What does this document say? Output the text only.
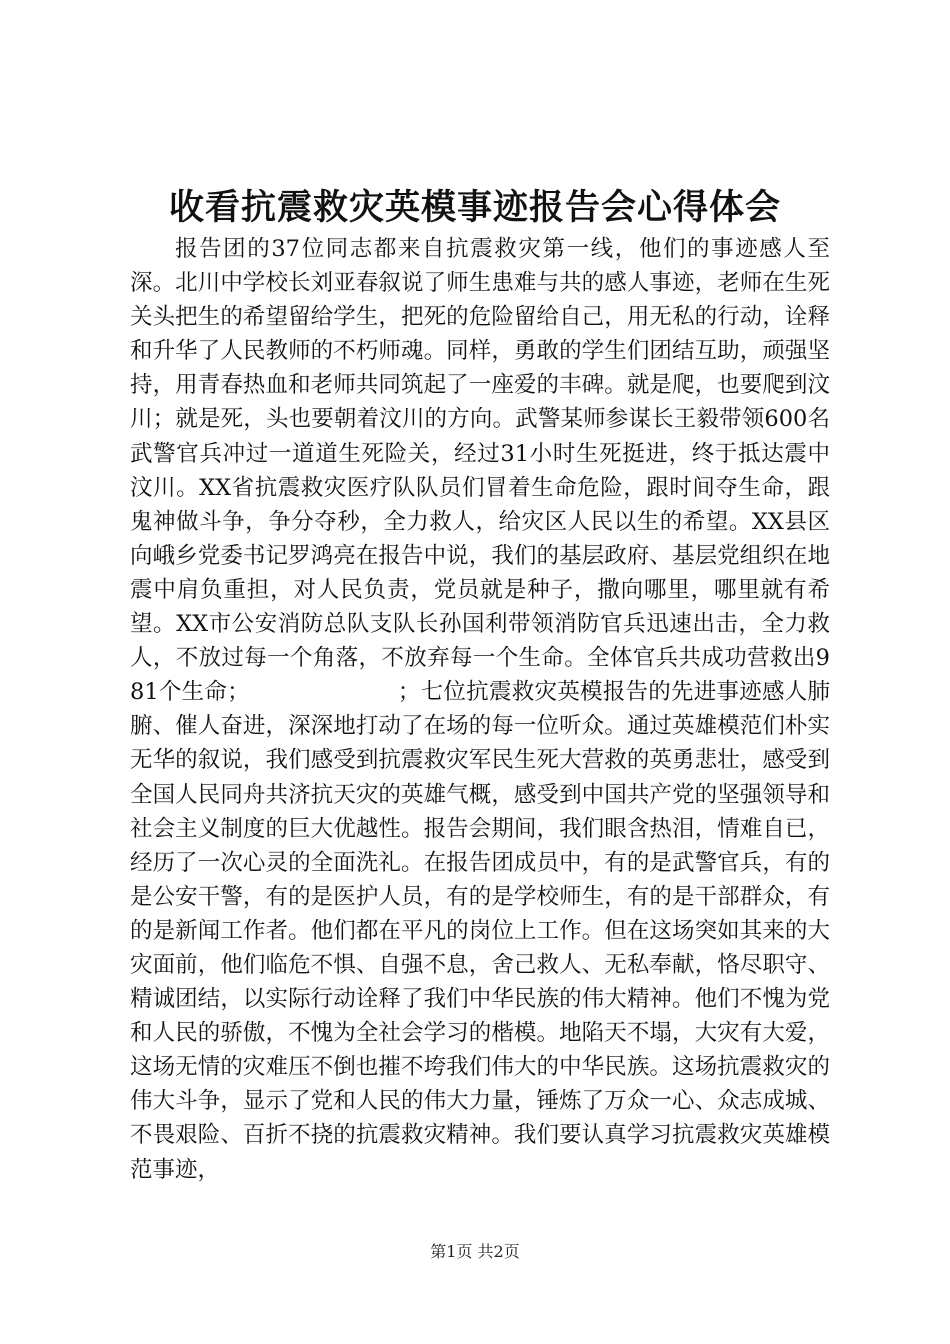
收看抗震救灾英模事迹报告会心得体会

报告团的37位同志都来自抗震救灾第一线，他们的事迹感人至深。北川中学校长刘亚春叙说了师生患难与共的感人事迹，老师在生死关头把生的希望留给学生，把死的危险留给自己，用无私的行动，诠释和升华了人民教师的不朽师魂。同样，勇敢的学生们团结互助，顽强坚持，用青春热血和老师共同筑起了一座爱的丰碑。就是爬，也要爬到汶川；就是死，头也要朝着汶川的方向。武警某师参谋长王毅带领600名武警官兵冲过一道道生死险关，经过31小时生死挺进，终于抵达震中汶川。XX省抗震救灾医疗队队员们冒着生命危险，跟时间夺生命，跟鬼神做斗争，争分夺秒，全力救人，给灾区人民以生的希望。XX县区向峨乡党委书记罗鸿亮在报告中说，我们的基层政府、基层党组织在地震中肩负重担，对人民负责，党员就是种子，撒向哪里，哪里就有希望。XX市公安消防总队支队长孙国利带领消防官兵迅速出击，全力救人，不放过每一个角落，不放弃每一个生命。全体官兵共成功营救出981个生命；　　　　　　　；七位抗震救灾英模报告的先进事迹感人肺腑、催人奋进，深深地打动了在场的每一位听众。通过英雄模范们朴实无华的叙说，我们感受到抗震救灾军民生死大营救的英勇悲壮，感受到全国人民同舟共济抗天灾的英雄气概，感受到中国共产党的坚强领导和社会主义制度的巨大优越性。报告会期间，我们眼含热泪，情难自已，经历了一次心灵的全面洗礼。在报告团成员中，有的是武警官兵，有的是公安干警，有的是医护人员，有的是学校师生，有的是干部群众，有的是新闻工作者。他们都在平凡的岗位上工作。但在这场突如其来的大灾面前，他们临危不惧、自强不息，舍己救人、无私奉献，恪尽职守、精诚团结，以实际行动诠释了我们中华民族的伟大精神。他们不愧为党和人民的骄傲，不愧为全社会学习的楷模。地陷天不塌，大灾有大爱，这场无情的灾难压不倒也摧不垮我们伟大的中华民族。这场抗震救灾的伟大斗争，显示了党和人民的伟大力量，锤炼了万众一心、众志成城、不畏艰险、百折不挠的抗震救灾精神。我们要认真学习抗震救灾英雄模范事迹，

第1页 共2页
